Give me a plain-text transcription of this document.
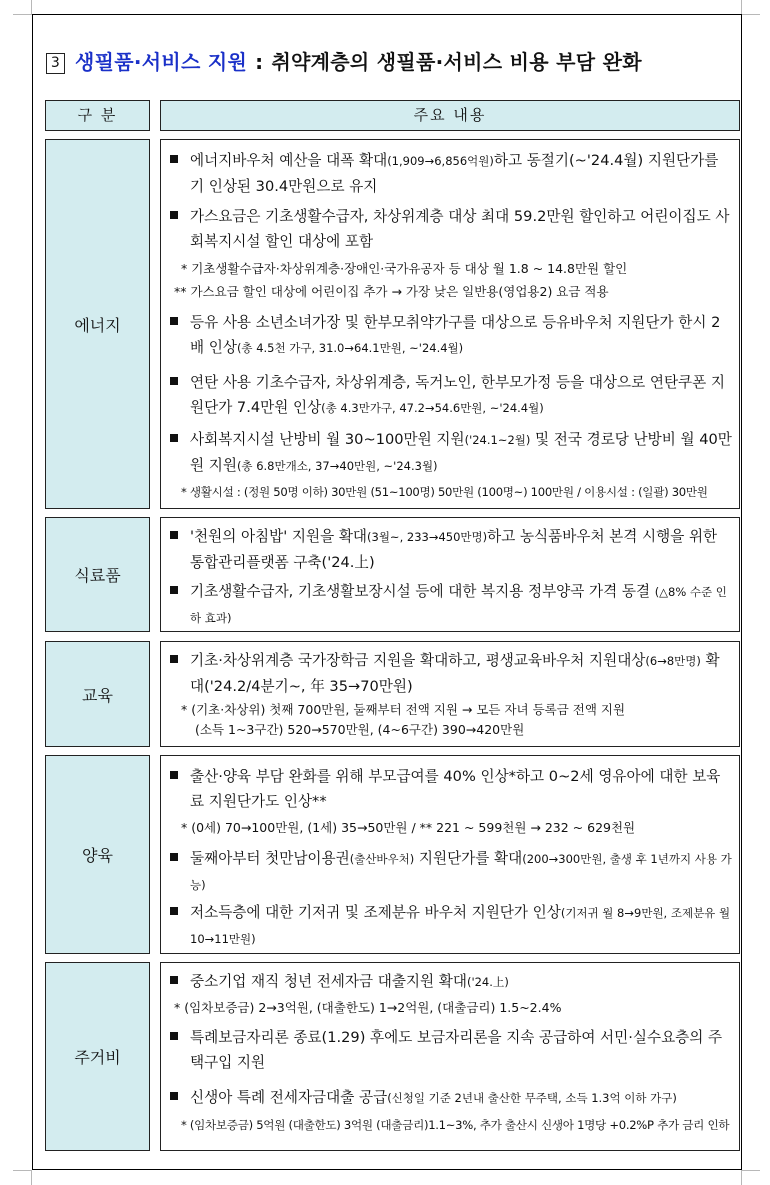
3 생필품·서비스 지원 : 취약계층의 생필품·서비스 비용 부담 완화
구 분	주요 내용
에너지
에너지바우처 예산을 대폭 확대(1,909→6,856억원)하고 동절기(~'24.4월) 지원단가를 기 인상된 30.4만원으로 유지
가스요금은 기초생활수급자, 차상위계층 대상 최대 59.2만원 할인하고 어린이집도 사회복지시설 할인 대상에 포함
* 기초생활수급자·차상위계층·장애인·국가유공자 등 대상 월 1.8 ~ 14.8만원 할인
** 가스요금 할인 대상에 어린이집 추가 → 가장 낮은 일반용(영업용2) 요금 적용
등유 사용 소년소녀가장 및 한부모취약가구를 대상으로 등유바우처 지원단가 한시 2배 인상(총 4.5천 가구, 31.0→64.1만원, ~'24.4월)
연탄 사용 기초수급자, 차상위계층, 독거노인, 한부모가정 등을 대상으로 연탄쿠폰 지원단가 7.4만원 인상(총 4.3만가구, 47.2→54.6만원, ~'24.4월)
사회복지시설 난방비 월 30~100만원 지원('24.1~2월) 및 전국 경로당 난방비 월 40만원 지원(총 6.8만개소, 37→40만원, ~'24.3월)
* 생활시설 : (정원 50명 이하) 30만원 (51~100명) 50만원 (100명~) 100만원 / 이용시설 : (일괄) 30만원
식료품
'천원의 아침밥' 지원을 확대(3월~, 233→450만명)하고 농식품바우처 본격 시행을 위한 통합관리플랫폼 구축('24.上)
기초생활수급자, 기초생활보장시설 등에 대한 복지용 정부양곡 가격 동결 (△8% 수준 인하 효과)
교육
기초·차상위계층 국가장학금 지원을 확대하고, 평생교육바우처 지원대상(6→8만명) 확대('24.2/4분기~, 年 35→70만원)
* (기초·차상위) 첫째 700만원, 둘째부터 전액 지원 → 모든 자녀 등록금 전액 지원
(소득 1~3구간) 520→570만원, (4~6구간) 390→420만원
양육
출산·양육 부담 완화를 위해 부모급여를 40% 인상*하고 0~2세 영유아에 대한 보육료 지원단가도 인상**
* (0세) 70→100만원, (1세) 35→50만원 / ** 221 ~ 599천원 → 232 ~ 629천원
둘째아부터 첫만남이용권(출산바우처) 지원단가를 확대(200→300만원, 출생 후 1년까지 사용 가능)
저소득층에 대한 기저귀 및 조제분유 바우처 지원단가 인상(기저귀 월 8→9만원, 조제분유 월 10→11만원)
주거비
중소기업 재직 청년 전세자금 대출지원 확대('24.上)
* (임차보증금) 2→3억원, (대출한도) 1→2억원, (대출금리) 1.5~2.4%
특례보금자리론 종료(1.29) 후에도 보금자리론을 지속 공급하여 서민·실수요층의 주택구입 지원
신생아 특례 전세자금대출 공급(신청일 기준 2년내 출산한 무주택, 소득 1.3억 이하 가구)
* (임차보증금) 5억원 (대출한도) 3억원 (대출금리)1.1~3%, 추가 출산시 신생아 1명당 +0.2%P 추가 금리 인하
